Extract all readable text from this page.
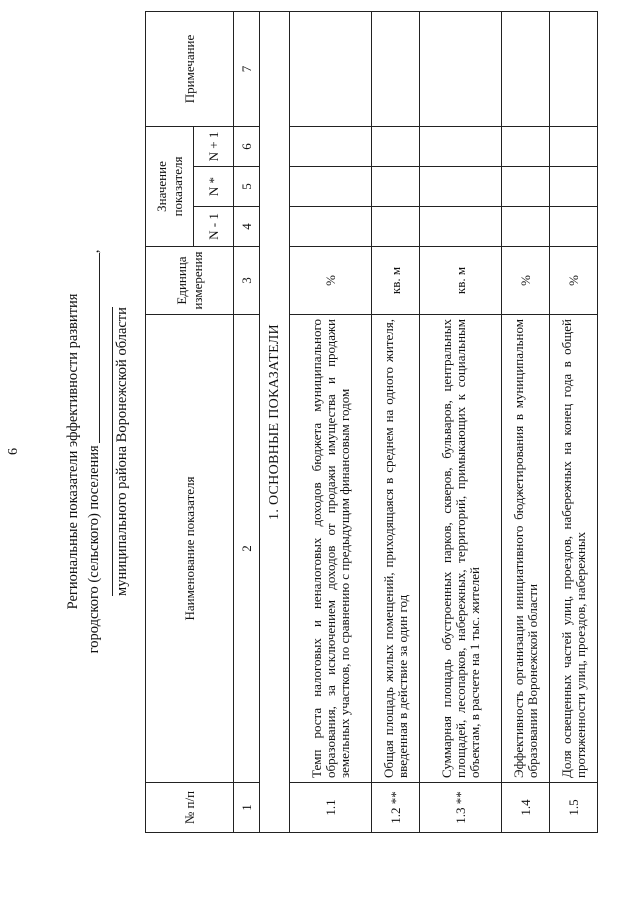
6	Региональные показатели эффективности развития городского (сельского) поселения,
муниципального района Воронежской области
№ п/п	Наименование показателя	Единица измерения	Значение показателя			Примечание
			N - 1	N *	N + 1	
1	2	3	4	5	6	7
1. ОСНОВНЫЕ ПОКАЗАТЕЛИ						
1.1	Темп роста налоговых и неналоговых доходов бюджета муниципального образования, за исключением доходов от продажи имущества и продажи земельных участков, по сравнению с предыдущим финансовым годом	%				
1.2 **	Общая площадь жилых помещений, приходящаяся в среднем на одного жителя, введенная в действие за один год	кв. м				
1.3 **	Суммарная площадь обустроенных парков, скверов, бульваров, центральных площадей, лесопарков, набережных, территорий, примыкающих к социальным объектам, в расчете на 1 тыс. жителей	кв. м				
1.4	Эффективность организации инициативного бюджетирования в муниципальном образовании Воронежской области	%				
1.5	Доля освещенных частей улиц, проездов, набережных на конец года в общей протяженности улиц, проездов, набережных	%				
